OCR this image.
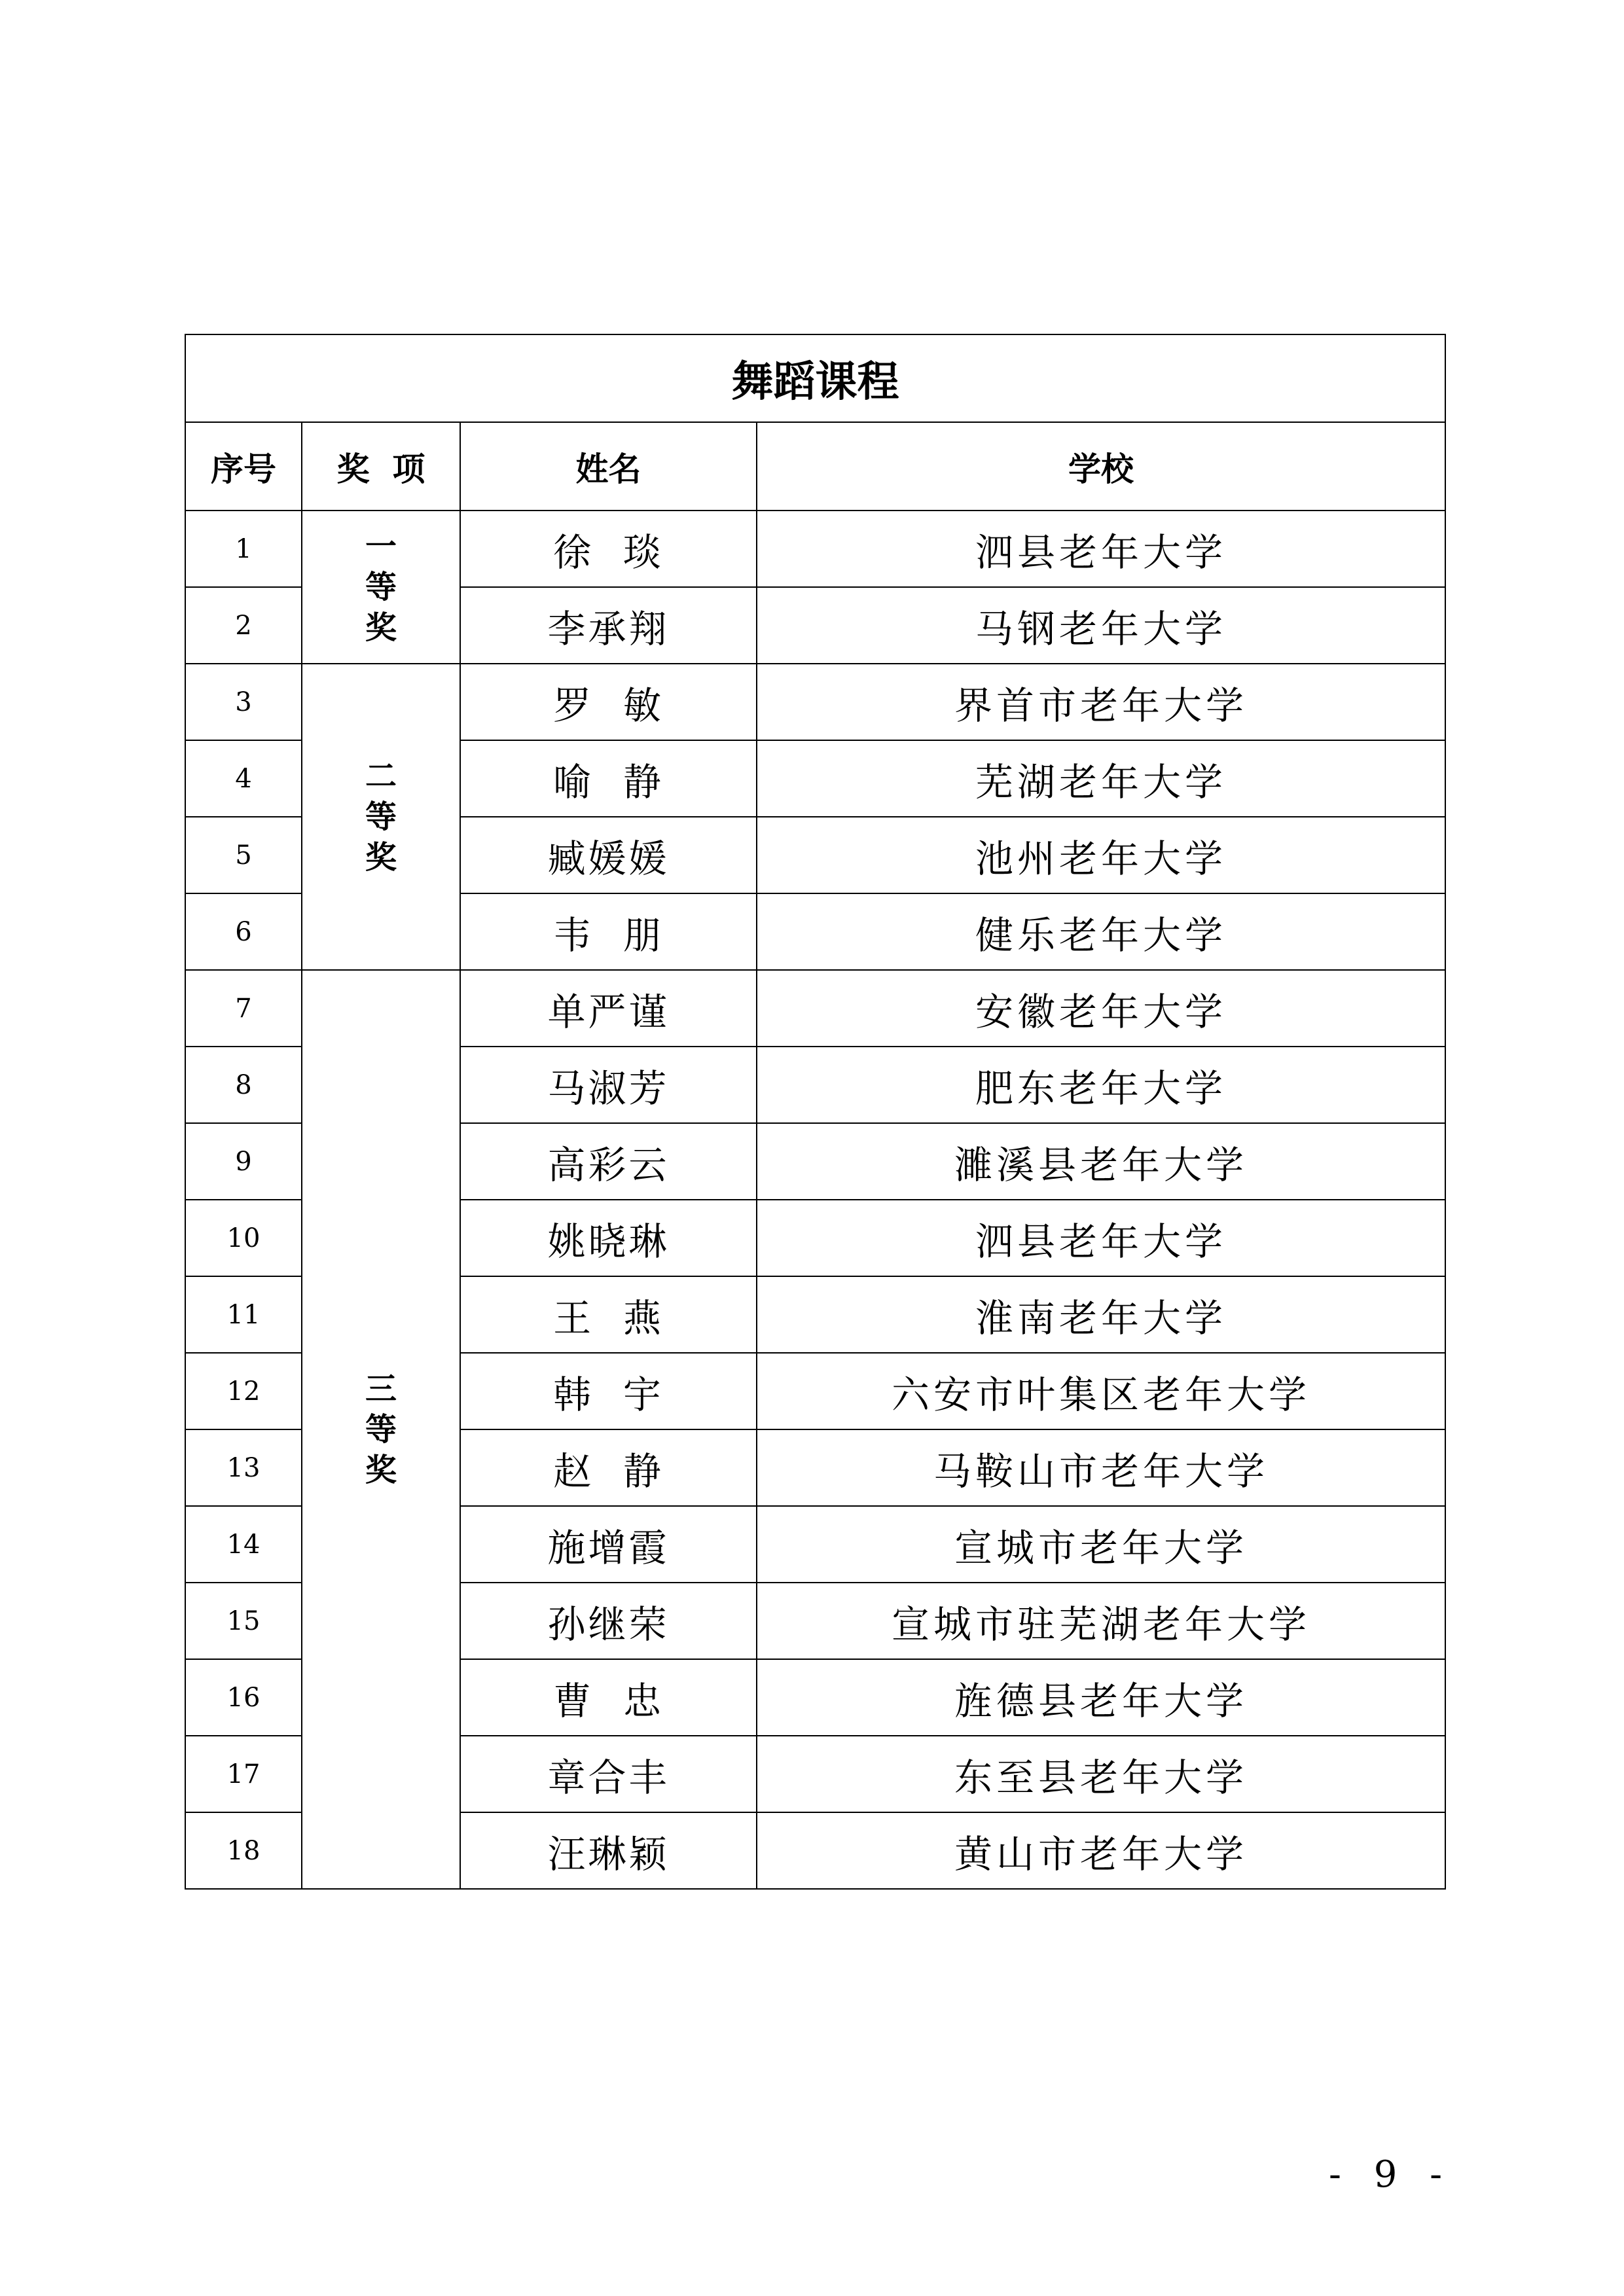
舞蹈课程			
序号	奖  项	姓名	学校
1	一等奖	徐  琰	泗县老年大学
2		李承翔	马钢老年大学
3	二等奖	罗  敏	界首市老年大学
4		喻  静	芜湖老年大学
5		臧媛媛	池州老年大学
6		韦  朋	健乐老年大学
7	三等奖	单严谨	安徽老年大学
8		马淑芳	肥东老年大学
9		高彩云	濉溪县老年大学
10		姚晓琳	泗县老年大学
11		王  燕	淮南老年大学
12		韩  宇	六安市叶集区老年大学
13		赵  静	马鞍山市老年大学
14		施增霞	宣城市老年大学
15		孙继荣	宣城市驻芜湖老年大学
16		曹  忠	旌德县老年大学
17		章合丰	东至县老年大学
18		汪琳颖	黄山市老年大学
- 9 -
